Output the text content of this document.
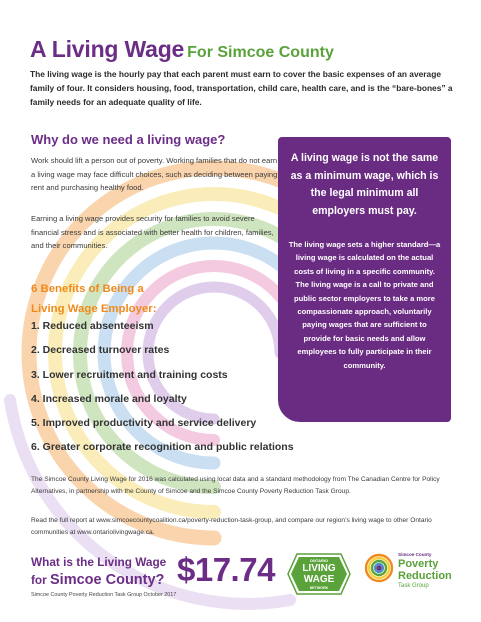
A Living Wage For Simcoe County

The living wage is the hourly pay that each parent must earn to cover the basic expenses of an average family of four. It considers housing, food, transportation, child care, health care, and is the “bare-bones” a family needs for an adequate quality of life.

Why do we need a living wage?

Work should lift a person out of poverty. Working families that do not earn a living wage may face difficult choices, such as deciding between paying rent and purchasing healthy food.

Earning a living wage provides security for families to avoid severe financial stress and is associated with better health for children, families, and their communities.

6 Benefits of Being a
Living Wage Employer:
1. Reduced absenteeism
2. Decreased turnover rates
3. Lower recruitment and training costs
4. Increased morale and loyalty
5. Improved productivity and service delivery
6. Greater corporate recognition and public relations

A living wage is not the same as a minimum wage, which is the legal minimum all employers must pay.

The living wage sets a higher standard—a living wage is calculated on the actual costs of living in a specific community. The living wage is a call to private and public sector employers to take a more compassionate approach, voluntarily paying wages that are sufficient to provide for basic needs and allow employees to fully participate in their community.

The Simcoe County Living Wage for 2016 was calculated using local data and a standard methodology from The Canadian Centre for Policy Alternatives, in partnership with the County of Simcoe and the Simcoe County Poverty Reduction Task Group.

Read the full report at www.simcoecountycoalition.ca/poverty-reduction-task-group, and compare our region’s living wage to other Ontario communities at www.ontariolivingwage.ca.

What is the Living Wage
for Simcoe County? $17.74
Simcoe County Poverty Reduction Task Group October 2017
ONTARIO
LIVING
WAGE
NETWORK
Simcoe County
Poverty
Reduction
Task Group
